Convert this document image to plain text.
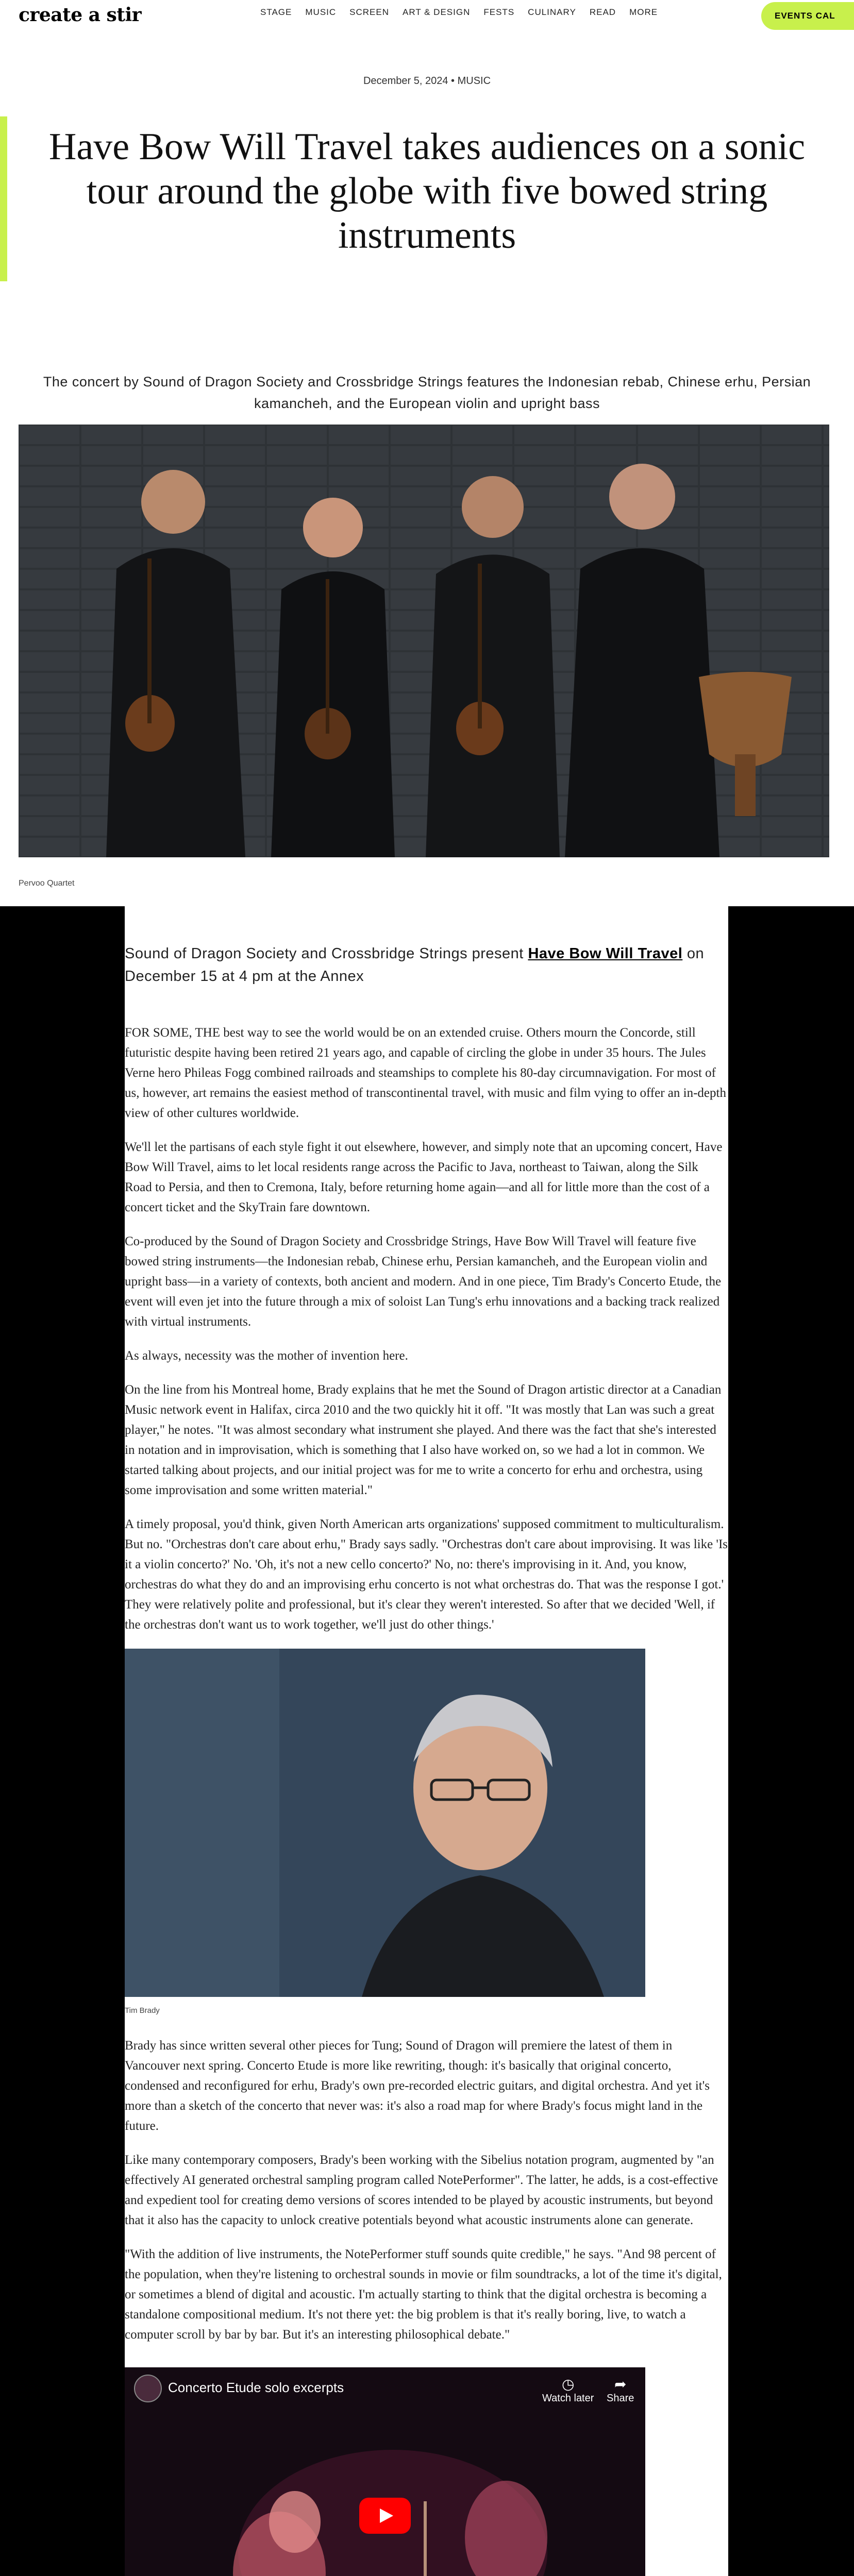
create a stir	STAGE MUSIC SCREEN ART & DESIGN FESTS CULINARY READ MORE	EVENTS CAL
December 5, 2024 • MUSIC
Have Bow Will Travel takes audiences on a sonic tour around the globe with five bowed string instruments
The concert by Sound of Dragon Society and Crossbridge Strings features the Indonesian rebab, Chinese erhu, Persian kamancheh, and the European violin and upright bass
Pervoo Quartet

Sound of Dragon Society and Crossbridge Strings present Have Bow Will Travel on December 15 at 4 pm at the Annex

FOR SOME, THE best way to see the world would be on an extended cruise. Others mourn the Concorde, still futuristic despite having been retired 21 years ago, and capable of circling the globe in under 35 hours. The Jules Verne hero Phileas Fogg combined railroads and steamships to complete his 80-day circumnavigation. For most of us, however, art remains the easiest method of transcontinental travel, with music and film vying to offer an in-depth view of other cultures worldwide.

We'll let the partisans of each style fight it out elsewhere, however, and simply note that an upcoming concert, Have Bow Will Travel, aims to let local residents range across the Pacific to Java, northeast to Taiwan, along the Silk Road to Persia, and then to Cremona, Italy, before returning home again—and all for little more than the cost of a concert ticket and the SkyTrain fare downtown.

Co-produced by the Sound of Dragon Society and Crossbridge Strings, Have Bow Will Travel will feature five bowed string instruments—the Indonesian rebab, Chinese erhu, Persian kamancheh, and the European violin and upright bass—in a variety of contexts, both ancient and modern. And in one piece, Tim Brady's Concerto Etude, the event will even jet into the future through a mix of soloist Lan Tung's erhu innovations and a backing track realized with virtual instruments.

As always, necessity was the mother of invention here.

On the line from his Montreal home, Brady explains that he met the Sound of Dragon artistic director at a Canadian Music network event in Halifax, circa 2010 and the two quickly hit it off. "It was mostly that Lan was such a great player," he notes. "It was almost secondary what instrument she played. And there was the fact that she's interested in notation and in improvisation, which is something that I also have worked on, so we had a lot in common. We started talking about projects, and our initial project was for me to write a concerto for erhu and orchestra, using some improvisation and some written material."

A timely proposal, you'd think, given North American arts organizations' supposed commitment to multiculturalism. But no. "Orchestras don't care about erhu," Brady says sadly. "Orchestras don't care about improvising. It was like 'Is it a violin concerto?' No. 'Oh, it's not a new cello concerto?' No, no: there's improvising in it. And, you know, orchestras do what they do and an improvising erhu concerto is not what orchestras do. That was the response I got.' They were relatively polite and professional, but it's clear they weren't interested. So after that we decided 'Well, if the orchestras don't want us to work together, we'll just do other things.'

Tim Brady

Brady has since written several other pieces for Tung; Sound of Dragon will premiere the latest of them in Vancouver next spring. Concerto Etude is more like rewriting, though: it's basically that original concerto, condensed and reconfigured for erhu, Brady's own pre-recorded electric guitars, and digital orchestra. And yet it's more than a sketch of the concerto that never was: it's also a road map for where Brady's focus might land in the future.

Like many contemporary composers, Brady's been working with the Sibelius notation program, augmented by "an effectively AI generated orchestral sampling program called NotePerformer". The latter, he adds, is a cost-effective and expedient tool for creating demo versions of scores intended to be played by acoustic instruments, but beyond that it also has the capacity to unlock creative potentials beyond what acoustic instruments alone can generate.

"With the addition of live instruments, the NotePerformer stuff sounds quite credible," he says. "And 98 percent of the population, when they're listening to orchestral sounds in movie or film soundtracks, a lot of the time it's digital, or sometimes a blend of digital and acoustic. I'm actually starting to think that the digital orchestra is becoming a standalone compositional medium. It's not there yet: the big problem is that it's really boring, live, to watch a computer scroll by bar by bar. But it's an interesting philosophical debate."

Concerto Etude solo excerpts	◷
Watch later
➦
Share
